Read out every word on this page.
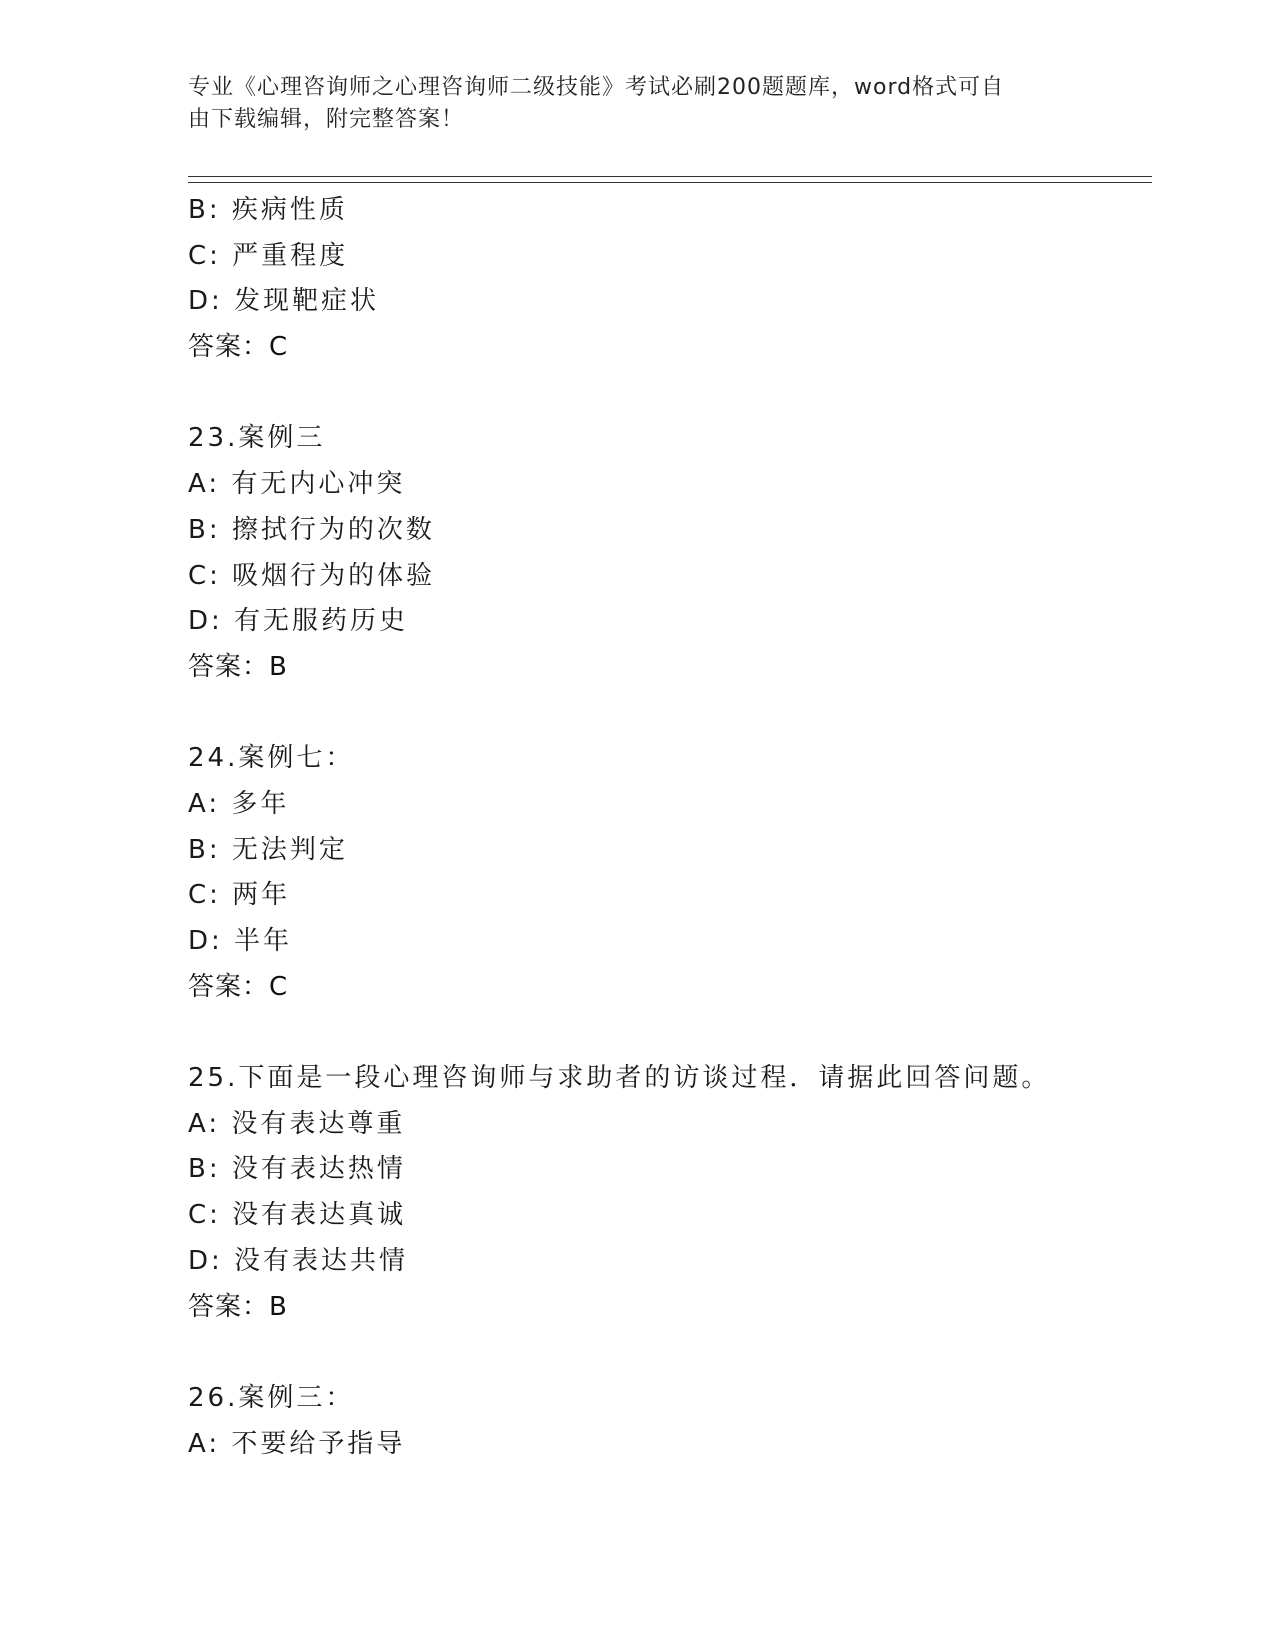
专业《心理咨询师之心理咨询师二级技能》考试必刷200题题库，word格式可自
由下载编辑，附完整答案！
B: 疾病性质
C: 严重程度
D: 发现靶症状
答案：C
23.案例三
A: 有无内心冲突
B: 擦拭行为的次数
C: 吸烟行为的体验
D: 有无服药历史
答案：B
24.案例七：
A: 多年
B: 无法判定
C: 两年
D: 半年
答案：C
25.下面是一段心理咨询师与求助者的访谈过程．请据此回答问题。
A: 没有表达尊重
B: 没有表达热情
C: 没有表达真诚
D: 没有表达共情
答案：B
26.案例三：
A: 不要给予指导
